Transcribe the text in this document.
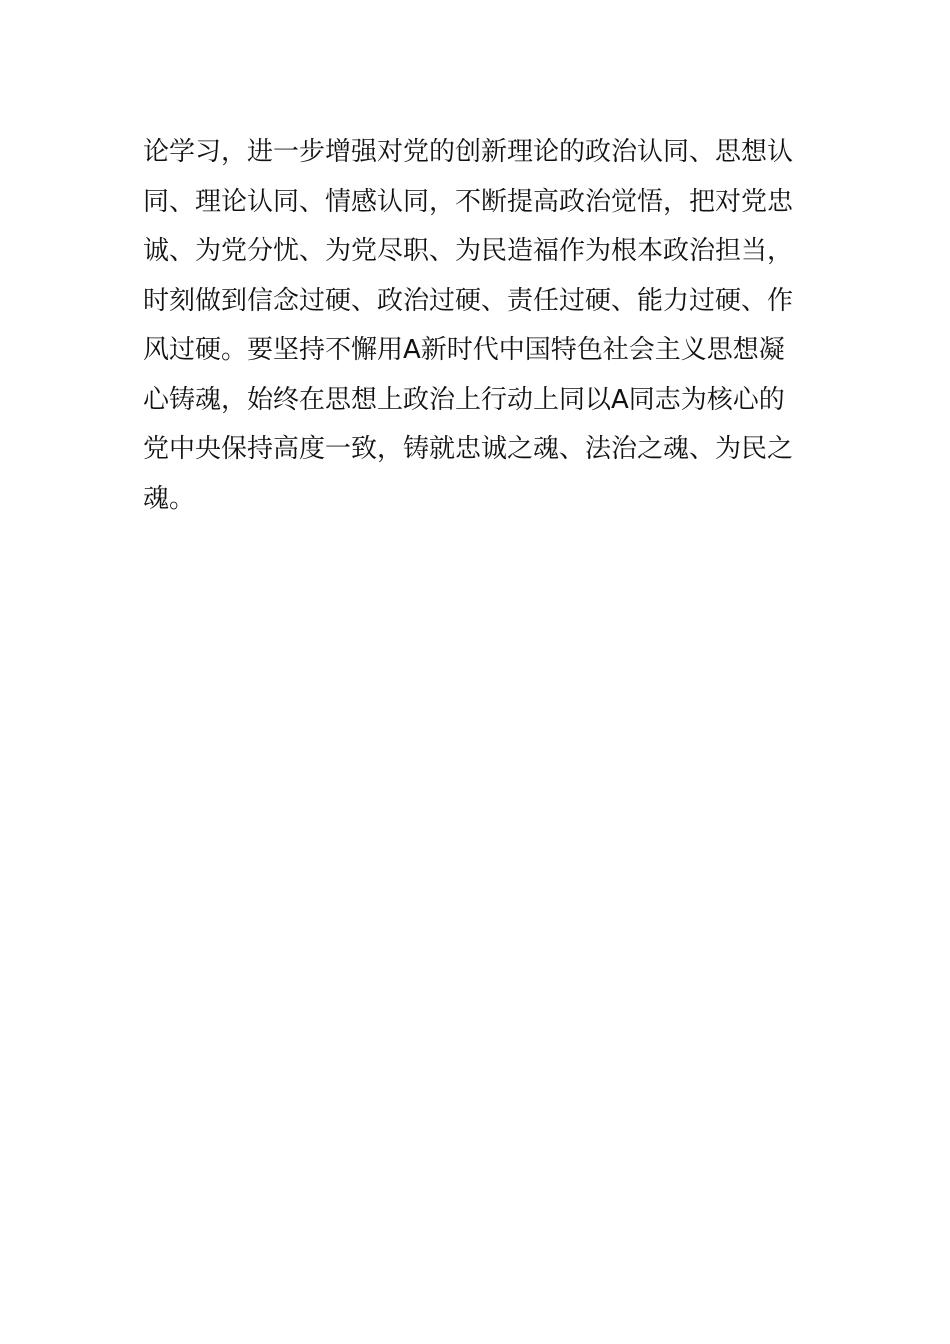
论学习，进一步增强对党的创新理论的政治认同、思想认
同、理论认同、情感认同，不断提高政治觉悟，把对党忠
诚、为党分忧、为党尽职、为民造福作为根本政治担当，
时刻做到信念过硬、政治过硬、责任过硬、能力过硬、作
风过硬。要坚持不懈用A新时代中国特色社会主义思想凝
心铸魂，始终在思想上政治上行动上同以A同志为核心的
党中央保持高度一致，铸就忠诚之魂、法治之魂、为民之
魂。
